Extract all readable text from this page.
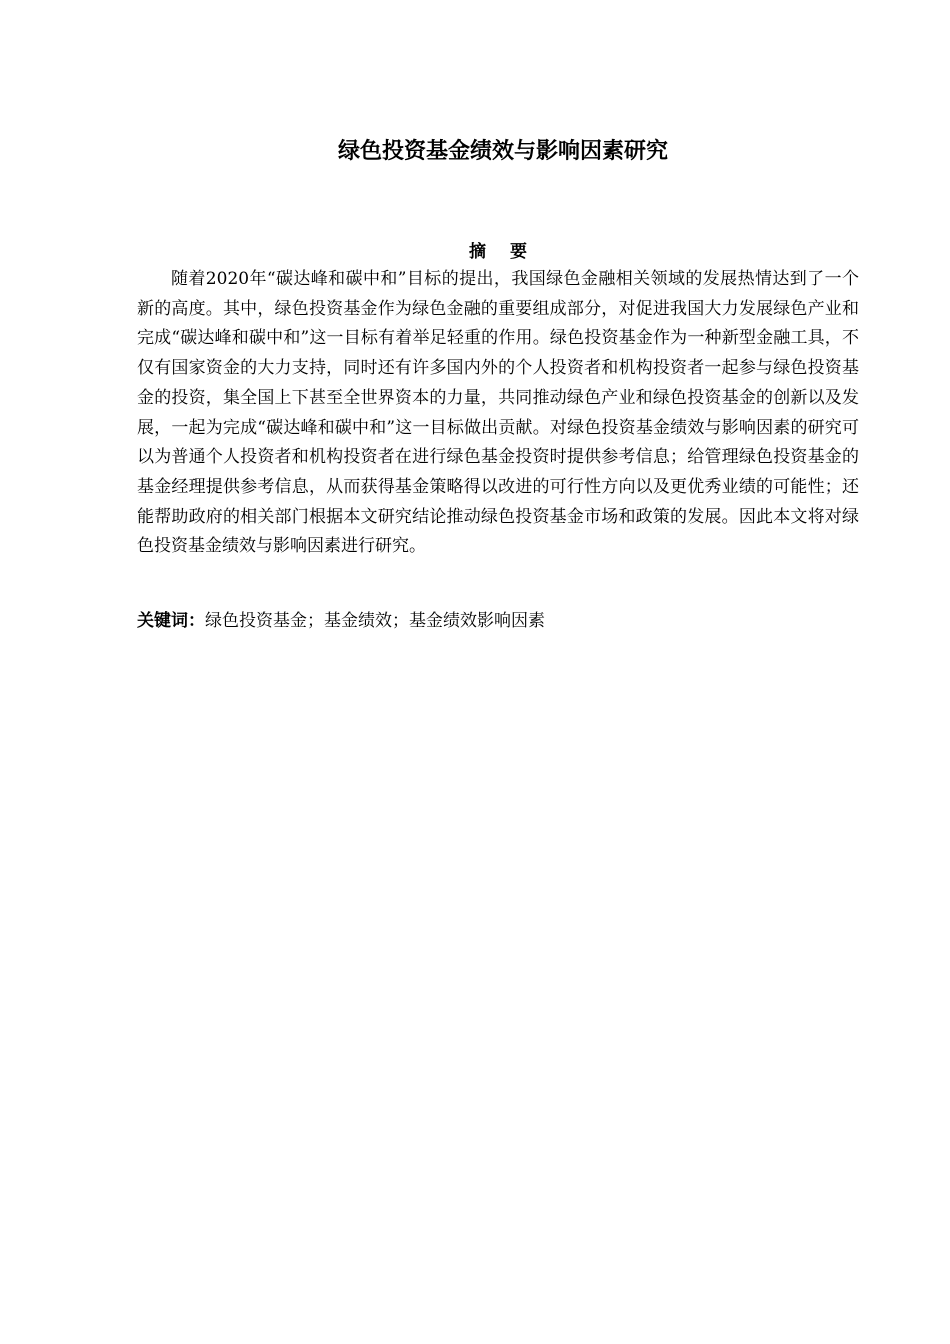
绿色投资基金绩效与影响因素研究
摘 要

随着2020年“碳达峰和碳中和”目标的提出，我国绿色金融相关领域的发展热情达到了一个新的高度。其中，绿色投资基金作为绿色金融的重要组成部分，对促进我国大力发展绿色产业和完成“碳达峰和碳中和”这一目标有着举足轻重的作用。绿色投资基金作为一种新型金融工具，不仅有国家资金的大力支持，同时还有许多国内外的个人投资者和机构投资者一起参与绿色投资基金的投资，集全国上下甚至全世界资本的力量，共同推动绿色产业和绿色投资基金的创新以及发展，一起为完成“碳达峰和碳中和”这一目标做出贡献。对绿色投资基金绩效与影响因素的研究可以为普通个人投资者和机构投资者在进行绿色基金投资时提供参考信息；给管理绿色投资基金的基金经理提供参考信息，从而获得基金策略得以改进的可行性方向以及更优秀业绩的可能性；还能帮助政府的相关部门根据本文研究结论推动绿色投资基金市场和政策的发展。因此本文将对绿色投资基金绩效与影响因素进行研究。

关键词：绿色投资基金；基金绩效；基金绩效影响因素
